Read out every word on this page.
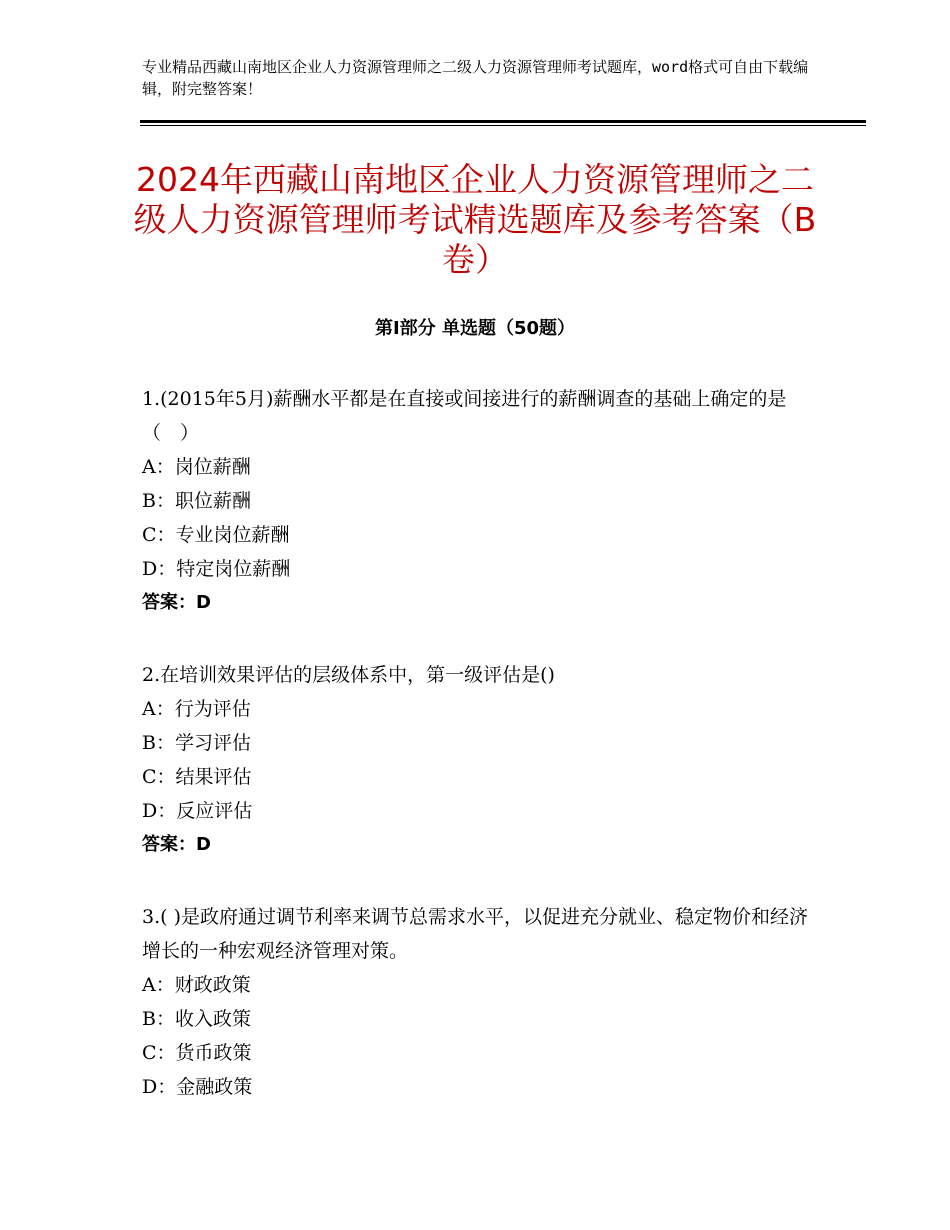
专业精品西藏山南地区企业人力资源管理师之二级人力资源管理师考试题库，word格式可自由下载编辑，附完整答案！
2024年西藏山南地区企业人力资源管理师之二级人力资源管理师考试精选题库及参考答案（B卷）
第Ⅰ部分 单选题（50题）

1.(2015年5月)薪酬水平都是在直接或间接进行的薪酬调查的基础上确定的是（　）

A：岗位薪酬

B：职位薪酬

C：专业岗位薪酬

D：特定岗位薪酬

答案：D

2.在培训效果评估的层级体系中，第一级评估是()

A：行为评估

B：学习评估

C：结果评估

D：反应评估

答案：D

3.( )是政府通过调节利率来调节总需求水平，以促进充分就业、稳定物价和经济增长的一种宏观经济管理对策。

A：财政政策

B：收入政策

C：货币政策

D：金融政策
